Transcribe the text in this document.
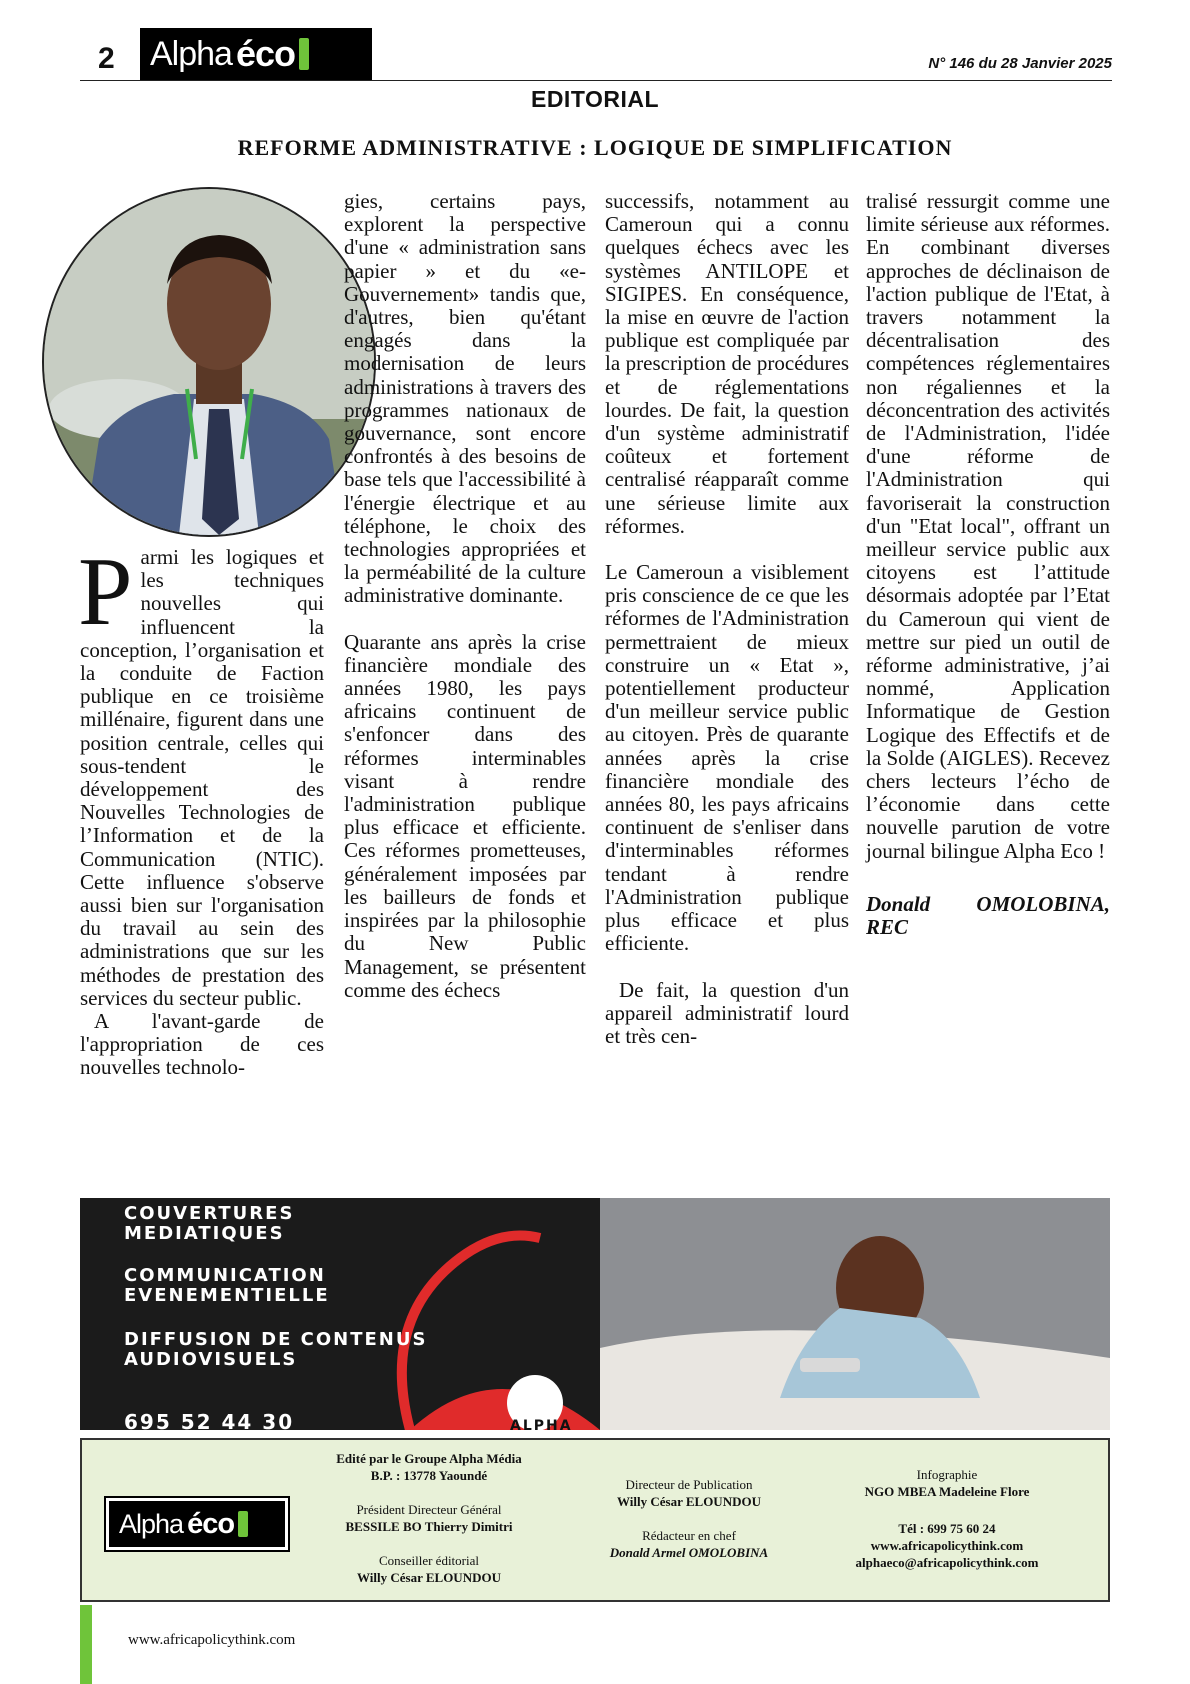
2 Alpha éco	N° 146 du 28 Janvier 2025
EDITORIAL
REFORME ADMINISTRATIVE : LOGIQUE DE SIMPLIFICATION

Parmi les logiques et les techniques nouvelles qui influencent la conception, l’organisation et la conduite de Faction publique en ce troisième millénaire, figurent dans une position centrale, celles qui sous-tendent le développement des Nouvelles Technologies de l’Information et de la Communication (NTIC). Cette influence s'observe aussi bien sur l'organisation du travail au sein des administrations que sur les méthodes de prestation des services du secteur public.

A l'avant-garde de l'appropriation de ces nouvelles technolo-

gies, certains pays, explorent la perspective d'une « administration sans papier » et du «e-Gouvernement» tandis que, d'autres, bien qu'étant engagés dans la modernisation de leurs administrations à travers des programmes nationaux de gouvernance, sont encore confrontés à des besoins de base tels que l'accessibilité à l'énergie électrique et au téléphone, le choix des technologies appropriées et la perméabilité de la culture administrative dominante.

Quarante ans après la crise financière mondiale des années 1980, les pays africains continuent de s'enfoncer dans des réformes interminables visant à rendre l'administration publique plus efficace et efficiente. Ces réformes prometteuses, généralement imposées par les bailleurs de fonds et inspirées par la philosophie du New Public Management, se présentent comme des échecs

successifs, notamment au Cameroun qui a connu quelques échecs avec les systèmes ANTILOPE et SIGIPES. En conséquence, la mise en œuvre de l'action publique est compliquée par la prescription de procédures et de réglementations lourdes. De fait, la question d'un système administratif coûteux et fortement centralisé réapparaît comme une sérieuse limite aux réformes.

Le Cameroun a visiblement pris conscience de ce que les réformes de l'Administration permettraient de mieux construire un « Etat », potentiellement producteur d'un meilleur service public au citoyen. Près de quarante années après la crise financière mondiale des années 80, les pays africains continuent de s'enliser dans d'interminables réformes tendant à rendre l'Administration publique plus efficace et plus efficiente.

De fait, la question d'un appareil administratif lourd et très cen-

tralisé ressurgit comme une limite sérieuse aux réformes. En combinant diverses approches de déclinaison de l'action publique de l'Etat, à travers notamment la décentralisation des compétences réglementaires non régaliennes et la déconcentration des activités de l'Administration, l'idée d'une réforme de l'Administration qui favoriserait la construction d'un "Etat local", offrant un meilleur service public aux citoyens est l’attitude désormais adoptée par l’Etat du Cameroun qui vient de mettre sur pied un outil de réforme administrative, j’ai nommé, Application Informatique de Gestion Logique des Effectifs et de la Solde (AIGLES). Recevez chers lecteurs l’écho de l’économie dans cette nouvelle parution de votre journal bilingue Alpha Eco !

Donald OMOLOBINA, REC

COUVERTURES MEDIATIQUES
COMMUNICATION EVENEMENTIELLE
DIFFUSION DE CONTENUS AUDIOVISUELS
695 52 44 30	ALPHA
Alpha éco
Edité par le Groupe Alpha Média
B.P. : 13778 Yaoundé
Président Directeur Général
BESSILE BO Thierry Dimitri
Conseiller éditorial
Willy César ELOUNDOU
Directeur de Publication
Willy César ELOUNDOU
Rédacteur en chef
Donald Armel OMOLOBINA
Infographie
NGO MBEA Madeleine Flore
Tél : 699 75 60 24
www.africapolicythink.com
alphaeco@africapolicythink.com
www.africapolicythink.com
